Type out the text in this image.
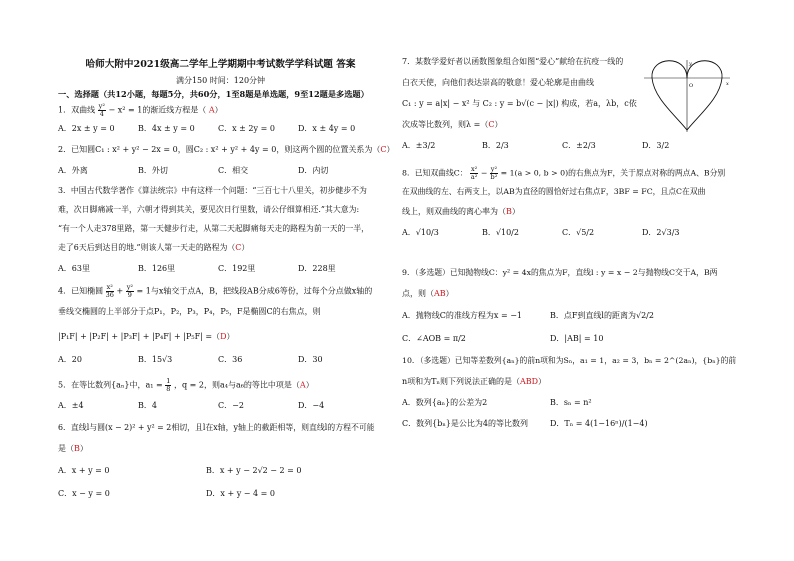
哈师大附中2021级高二学年上学期期中考试数学学科试题 答案
满分150 时间：120分钟
一、选择题（共12小题，每题5分，共60分，1至8题是单选题，9至12题是多选题）
1．双曲线 $\frac{\text{y²}}{4} - x^2 = 1$的渐近线方程是（ A）
A．2x ± y = 0	B．4x ± y = 0	C．x ± 2y = 0	D．x ± 4y = 0
2．已知圆C₁ : x² + y² − 2x = 0，圆C₂ : x² + y² + 4y = 0，则这两个圆的位置关系为（C）
A．外离	B．外切	C．相交	D．内切
3．中国古代数学著作《算法统宗》中有这样一个问题：“三百七十八里关，初步健步不为
难，次日脚痛减一半，六朝才得到其关，要见次日行里数，请公仔细算相还.”其大意为:
“有一个人走378里路，第一天健步行走，从第二天起脚痛每天走的路程为前一天的一半，
走了6天后到达目的地.”则该人第一天走的路程为（C）
A．63里	B．126里	C．192里	D．228里
4．已知椭圆 $\frac{\text{x²}}{36} + \frac{\text{y²}}{9} = 1$与x轴交于点A，B，把线段AB分成6等份，过每个分点做x轴的
垂线交椭圆的上半部分于点P₁，P₂，P₃，P₄，P₅，F是椭圆C的右焦点，则
|P₁F| + |P₂F| + |P₃F| + |P₄F| + |P₅F| =（D）
A．20	B．15√3	C．36	D．30
5．在等比数列{aₙ}中，$a_1 = \frac{1}{8}$ ，q = 2，则a₄与a₆的等比中项是（A）
A．±4	B．4	C．−2	D．−4
6．直线l与圆(x − 2)² + y² = 2相切，且l在x轴，y轴上的截距相等，则直线l的方程不可能
是（B）
A．x + y = 0	B．x + y − 2√2 − 2 = 0
C．x − y = 0	D．x + y − 4 = 0
7．某数学爱好者以函数图象组合如图“爱心”献给在抗疫一线的
白衣天使，向他们表达崇高的敬意！爱心轮廓是由曲线
C₁ : y = a|x| − x² 与 C₂ : y = b√(c − |x|) 构成，若a，λb，c依
次成等比数列，则λ =（C）
O	x
y
A．±3/2	B．2/3	C．±2/3	D．3/2
8．已知双曲线C： $\frac{\text{x²}}{\text{a²}} - \frac{\text{y²}}{\text{b²}} = 1(a > 0$, b > 0)的右焦点为F，关于原点对称的两点A、B分别
在双曲线的左、右两支上，以AB为直径的圆恰好过右焦点F，3BF = FC，且点C在双曲
线上，则双曲线的离心率为（B）
A．√10/3	B．√10/2	C．√5/2	D．2√3/3
9．（多选题）已知抛物线C：y² = 4x的焦点为F，直线l : y = x − 2与抛物线C交于A，B两
点，则（AB）
A．抛物线C的准线方程为x = −1	B．点F到直线l的距离为√2/2
C．∠AOB = π/2	D．|AB| = 10
10．（多选题）已知等差数列{aₙ}的前n项和为Sₙ，a₁ = 1，a₂ = 3，bₙ = 2^(2aₙ)，{bₙ}的前
n项和为Tₙ则下列说法正确的是（ABD）
A．数列{aₙ}的公差为2	B．sₙ = n²
C．数列{bₙ}是公比为4的等比数列	D．Tₙ = 4(1−16ⁿ)/(1−4)
